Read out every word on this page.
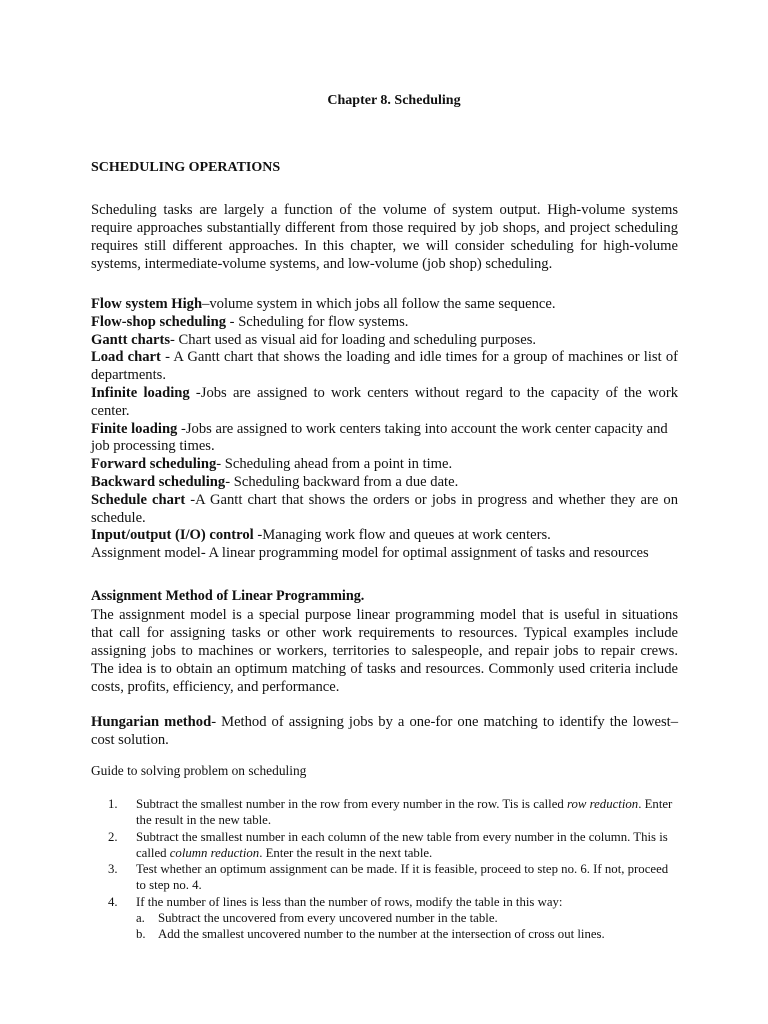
Chapter 8. Scheduling
SCHEDULING OPERATIONS

Scheduling tasks are largely a function of the volume of system output. High-volume systems require approaches substantially different from those required by job shops, and project scheduling requires still different approaches. In this chapter, we will consider scheduling for high-volume systems, intermediate-volume systems, and low-volume (job shop) scheduling.

Flow system High–volume system in which jobs all follow the same sequence.

Flow-shop scheduling - Scheduling for flow systems.

Gantt charts- Chart used as visual aid for loading and scheduling purposes.

Load chart - A Gantt chart that shows the loading and idle times for a group of machines or list of departments.

Infinite loading -Jobs are assigned to work centers without regard to the capacity of the work center.

Finite loading -Jobs are assigned to work centers taking into account the work center capacity and job processing times.

Forward scheduling- Scheduling ahead from a point in time.

Backward scheduling- Scheduling backward from a due date.

Schedule chart -A Gantt chart that shows the orders or jobs in progress and whether they are on schedule.

Input/output (I/O) control -Managing work flow and queues at work centers.

Assignment model- A linear programming model for optimal assignment of tasks and resources

Assignment Method of Linear Programming.

The assignment model is a special purpose linear programming model that is useful in situations that call for assigning tasks or other work requirements to resources. Typical examples include assigning jobs to machines or workers, territories to salespeople, and repair jobs to repair crews. The idea is to obtain an optimum matching of tasks and resources. Commonly used criteria include costs, profits, efficiency, and performance.

Hungarian method- Method of assigning jobs by a one-for one matching to identify the lowest–cost solution.

Guide to solving problem on scheduling
1.	Subtract the smallest number in the row from every number in the row. Tis is called row reduction. Enter the result in the new table.
2.	Subtract the smallest number in each column of the new table from every number in the column. This is called column reduction. Enter the result in the next table.
3.	Test whether an optimum assignment can be made. If it is feasible, proceed to step no. 6. If not, proceed to step no. 4.
4.	If the number of lines is less than the number of rows, modify the table in this way:
a.	Subtract the uncovered from every uncovered number in the table.
b. Add the smallest uncovered number to the number at the intersection of cross out lines.
